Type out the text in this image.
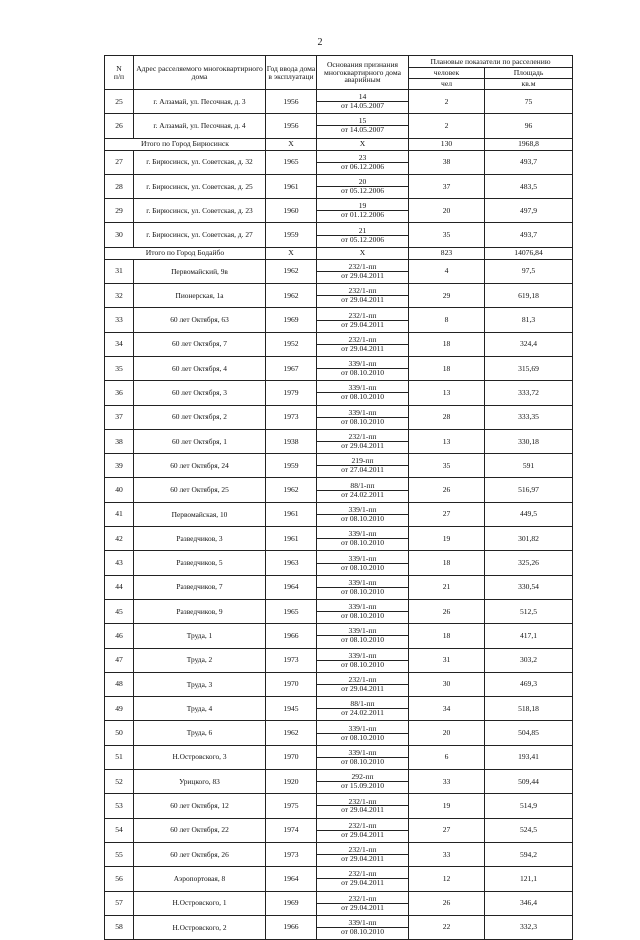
2
N
п/п	Адрес расселяемого многоквартирного дома	Год ввода дома в эксплуатаци	Основания признания многоквартирного дома аварийным	Плановые показатели по расселению	
				человек	Площадь
				чел	кв.м
25	г. Алзамай, ул. Песочная, д. 3	1956	14
от 14.05.2007	2	75
26	г. Алзамай, ул. Песочная, д. 4	1956	15
от 14.05.2007	2	96
Итого по Город Бирюсинск		X	X	130	1968,8
27	г. Бирюсинск, ул. Советская, д. 32	1965	23
от 06.12.2006	38	493,7
28	г. Бирюсинск, ул. Советская, д. 25	1961	20
от 05.12.2006	37	483,5
29	г. Бирюсинск, ул. Советская, д. 23	1960	19
от 01.12.2006	20	497,9
30	г. Бирюсинск, ул. Советская, д. 27	1959	21
от 05.12.2006	35	493,7
Итого по Город Бодайбо		X	X	823	14076,84
31	Первомайский, 9в	1962	232/1-пп
от 29.04.2011	4	97,5
32	Пионерская, 1а	1962	232/1-пп
от 29.04.2011	29	619,18
33	60 лет Октября, 63	1969	232/1-пп
от 29.04.2011	8	81,3
34	60 лет Октября, 7	1952	232/1-пп
от 29.04.2011	18	324,4
35	60 лет Октября, 4	1967	339/1-пп
от 08.10.2010	18	315,69
36	60 лет Октября, 3	1979	339/1-пп
от 08.10.2010	13	333,72
37	60 лет Октября, 2	1973	339/1-пп
от 08.10.2010	28	333,35
38	60 лет Октября, 1	1938	232/1-пп
от 29.04.2011	13	330,18
39	60 лет Октября, 24	1959	219-пп
от 27.04.2011	35	591
40	60 лет Октября, 25	1962	88/1-пп
от 24.02.2011	26	516,97
41	Первомайская, 10	1961	339/1-пп
от 08.10.2010	27	449,5
42	Разведчиков, 3	1961	339/1-пп
от 08.10.2010	19	301,82
43	Разведчиков, 5	1963	339/1-пп
от 08.10.2010	18	325,26
44	Разведчиков, 7	1964	339/1-пп
от 08.10.2010	21	330,54
45	Разведчиков, 9	1965	339/1-пп
от 08.10.2010	26	512,5
46	Труда, 1	1966	339/1-пп
от 08.10.2010	18	417,1
47	Труда, 2	1973	339/1-пп
от 08.10.2010	31	303,2
48	Труда, 3	1970	232/1-пп
от 29.04.2011	30	469,3
49	Труда, 4	1945	88/1-пп
от 24.02.2011	34	518,18
50	Труда, 6	1962	339/1-пп
от 08.10.2010	20	504,85
51	Н.Островского, 3	1970	339/1-пп
от 08.10.2010	6	193,41
52	Урицкого, 83	1920	292-пп
от 15.09.2010	33	509,44
53	60 лет Октября, 12	1975	232/1-пп
от 29.04.2011	19	514,9
54	60 лет Октября, 22	1974	232/1-пп
от 29.04.2011	27	524,5
55	60 лет Октября, 26	1973	232/1-пп
от 29.04.2011	33	594,2
56	Аэропортовая, 8	1964	232/1-пп
от 29.04.2011	12	121,1
57	Н.Островского, 1	1969	232/1-пп
от 29.04.2011	26	346,4
58	Н.Островского, 2	1966	339/1-пп
от 08.10.2010	22	332,3
